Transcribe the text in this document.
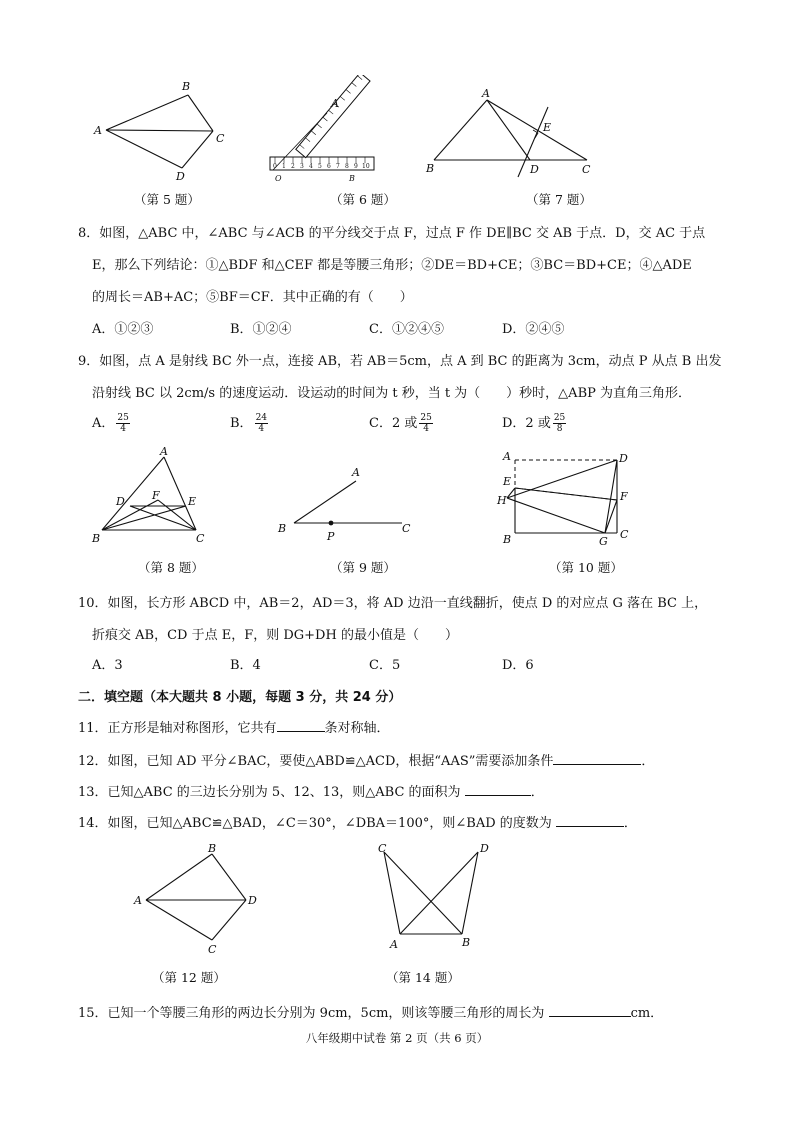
A
B
C
D
（第 5 题）
0 1 2 3 4 5 6 7 8 9 10
A
O	B
（第 6 题）
A
B	C
D
E
（第 7 题）
8．如图，△ABC 中，∠ABC 与∠ACB 的平分线交于点 F，过点 F 作 DE∥BC 交 AB 于点．D，交 AC 于点
E，那么下列结论：①△BDF 和△CEF 都是等腰三角形；②DE＝BD+CE；③BC＝BD+CE；④△ADE
的周长＝AB+AC；⑤BF＝CF．其中正确的有（　　）
A．①②③	B．①②④	C．①②④⑤	D．②④⑤
9．如图，点 A 是射线 BC 外一点，连接 AB，若 AB＝5cm，点 A 到 BC 的距离为 3cm，动点 P 从点 B 出发
沿射线 BC 以 2cm/s 的速度运动．设运动的时间为 t 秒，当 t 为（　　）秒时，△ABP 为直角三角形．
A． $\frac{25}{4}$	B． $\frac{24}{4}$	C．2 或 $\frac{25}{4}$	D．2 或 $\frac{25}{8}$
A
B	C
D	E
F
（第 8 题）
A
B	C
P
（第 9 题）
A
B	C
D
E
F
G
H
（第 10 题）
10．如图，长方形 ABCD 中，AB＝2，AD＝3，将 AD 边沿一直线翻折，使点 D 的对应点 G 落在 BC 上，
折痕交 AB，CD 于点 E，F，则 DG+DH 的最小值是（　　）
A．3	B．4	C．5	D．6
二．填空题（本大题共 8 小题，每题 3 分，共 24 分）
11．正方形是轴对称图形，它共有	条对称轴．
12．如图，已知 AD 平分∠BAC，要使△ABD≌△ACD，根据“AAS”需要添加条件	．
13．已知△ABC 的三边长分别为 5、12、13，则△ABC 的面积为	．
14．如图，已知△ABC≌△BAD，∠C＝30°，∠DBA＝100°，则∠BAD 的度数为	．
A
B
C
D
（第 12 题）
C	D
A	B
（第 14 题）
15．已知一个等腰三角形的两边长分别为 9cm，5cm，则该等腰三角形的周长为	cm．
八年级期中试卷 第 2 页（共 6 页）
